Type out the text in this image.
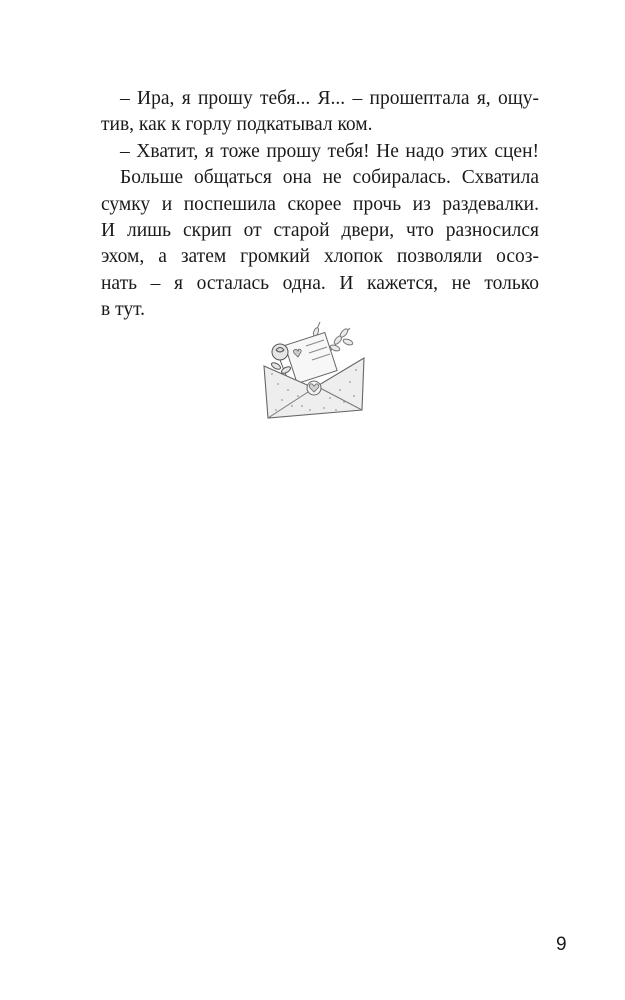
– Ира, я прошу тебя... Я... – прошептала я, ощу-
тив, как к горлу подкатывал ком.
– Хватит, я тоже прошу тебя! Не надо этих сцен!
Больше общаться она не собиралась. Схватила
сумку и поспешила скорее прочь из раздевалки.
И лишь скрип от старой двери, что разносился
эхом, а затем громкий хлопок позволяли осоз-
нать – я осталась одна. И кажется, не только
в тут.
9
